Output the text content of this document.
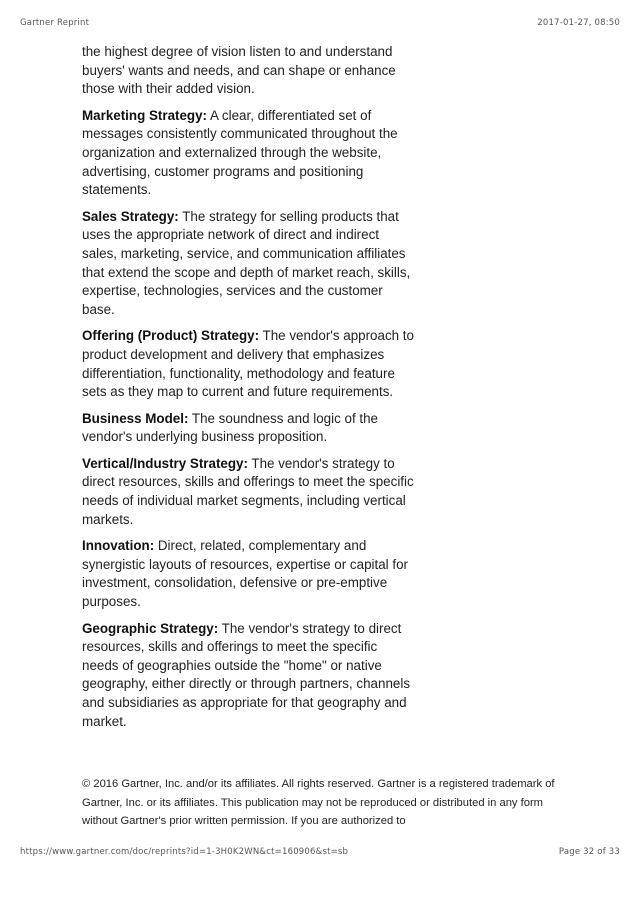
Gartner Reprint	2017-01-27, 08:50

the highest degree of vision listen to and understand buyers' wants and needs, and can shape or enhance those with their added vision.

Marketing Strategy: A clear, differentiated set of messages consistently communicated throughout the organization and externalized through the website, advertising, customer programs and positioning statements.

Sales Strategy: The strategy for selling products that uses the appropriate network of direct and indirect sales, marketing, service, and communication affiliates that extend the scope and depth of market reach, skills, expertise, technologies, services and the customer base.

Offering (Product) Strategy: The vendor's approach to product development and delivery that emphasizes differentiation, functionality, methodology and feature sets as they map to current and future requirements.

Business Model: The soundness and logic of the vendor's underlying business proposition.

Vertical/Industry Strategy: The vendor's strategy to direct resources, skills and offerings to meet the specific needs of individual market segments, including vertical markets.

Innovation: Direct, related, complementary and synergistic layouts of resources, expertise or capital for investment, consolidation, defensive or pre-emptive purposes.

Geographic Strategy: The vendor's strategy to direct resources, skills and offerings to meet the specific needs of geographies outside the "home" or native geography, either directly or through partners, channels and subsidiaries as appropriate for that geography and market.

© 2016 Gartner, Inc. and/or its affiliates. All rights reserved. Gartner is a registered trademark of Gartner, Inc. or its affiliates. This publication may not be reproduced or distributed in any form without Gartner's prior written permission. If you are authorized to

https://www.gartner.com/doc/reprints?id=1-3H0K2WN&ct=160906&st=sb	Page 32 of 33
